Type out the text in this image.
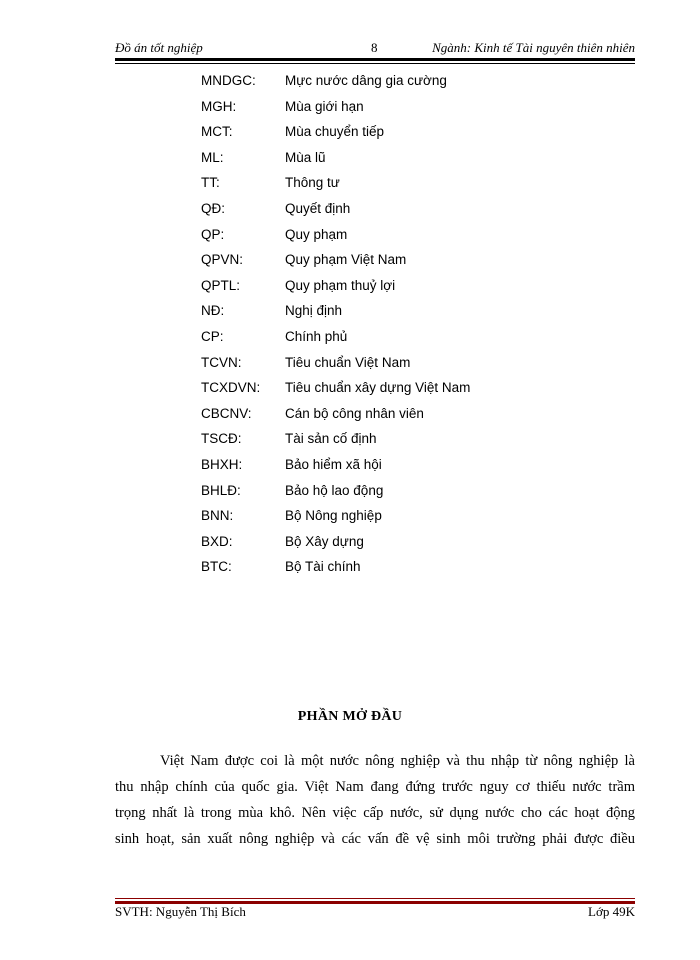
Đồ án tốt nghiệp	8	Ngành: Kinh tế Tài nguyên thiên nhiên
MNDGC: Mực nước dâng gia cường
MGH:	Mùa giới hạn
MCT:	Mùa chuyển tiếp
ML:	Mùa lũ
TT:	Thông tư
QĐ:	Quyết định
QP:	Quy phạm
QPVN:	Quy phạm Việt Nam
QPTL:	Quy phạm thuỷ lợi
NĐ:	Nghị định
CP:	Chính phủ
TCVN:	Tiêu chuẩn Việt Nam
TCXDVN: Tiêu chuẩn xây dựng Việt Nam
CBCNV: Cán bộ công nhân viên
TSCĐ:	Tài sản cố định
BHXH:	Bảo hiểm xã hội
BHLĐ:	Bảo hộ lao động
BNN:	Bộ Nông nghiệp
BXD:	Bộ Xây dựng
BTC:	Bộ Tài chính
PHẦN MỞ ĐẦU
Việt Nam được coi là một nước nông nghiệp và thu nhập từ nông nghiệp là
thu nhập chính của quốc gia. Việt Nam đang đứng trước nguy cơ thiếu nước trầm
trọng nhất là trong mùa khô. Nên việc cấp nước, sử dụng nước cho các hoạt động
sinh hoạt, sản xuất nông nghiệp và các vấn đề vệ sinh môi trường phải được điều
SVTH: Nguyễn Thị Bích	Lớp 49K
